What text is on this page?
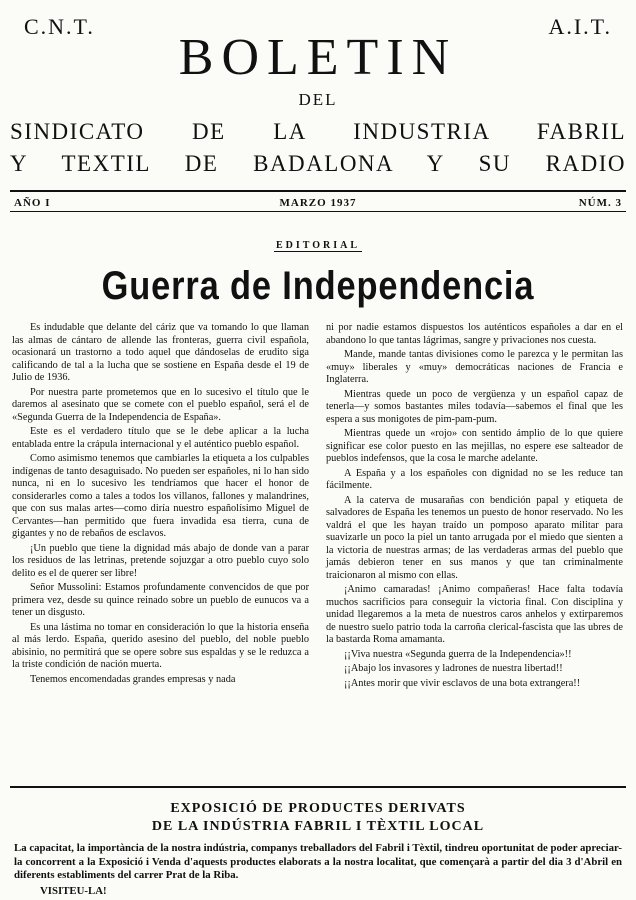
C.N.T.	A.I.T.
BOLETIN
DEL
SINDICATO DE LA INDUSTRIA FABRIL
Y TEXTIL DE BADALONA Y SU RADIO
AÑO I	MARZO 1937	NÚM. 3
EDITORIAL
Guerra de Independencia

Es indudable que delante del cáriz que va tomando lo que llaman las almas de cántaro de allende las fronteras, guerra civil española, ocasionará un trastorno a todo aquel que dándoselas de erudito siga calificando de tal a la lucha que se sostiene en España desde el 19 de Julio de 1936.

Por nuestra parte prometemos que en lo sucesivo el título que le daremos al asesinato que se comete con el pueblo español, será el de «Segunda Guerra de la Independencia de España».

Este es el verdadero título que se le debe aplicar a la lucha entablada entre la crápula internacional y el auténtico pueblo español.

Como asimismo tenemos que cambiarles la etiqueta a los culpables indígenas de tanto desaguisado. No pueden ser españoles, ni lo han sido nunca, ni en lo sucesivo les tendríamos que hacer el honor de considerarles como a tales a todos los villanos, fallones y malandrines, que con sus malas artes—como diría nuestro españolísimo Miguel de Cervantes—han permitido que fuera invadida esa tierra, cuna de gigantes y no de rebaños de esclavos.

¡Un pueblo que tiene la dignidad más abajo de donde van a parar los residuos de las letrinas, pretende sojuzgar a otro pueblo cuyo solo delito es el de querer ser libre!

Señor Mussolini: Estamos profundamente convencidos de que por primera vez, desde su quince reinado sobre un pueblo de eunucos va a tener un disgusto.

Es una lástima no tomar en consideración lo que la historia enseña al más lerdo. España, querido asesino del pueblo, del noble pueblo abisinio, no permitirá que se opere sobre sus espaldas y se le reduzca a la triste condición de nación muerta.

Tenemos encomendadas grandes empresas y nada

ni por nadie estamos dispuestos los auténticos españoles a dar en el abandono lo que tantas lágrimas, sangre y privaciones nos cuesta.

Mande, mande tantas divisiones como le parezca y le permitan las «muy» liberales y «muy» democráticas naciones de Francia e Inglaterra.

Mientras quede un poco de vergüenza y un español capaz de tenerla—y somos bastantes miles todavía—sabemos el final que les espera a sus monigotes de pim-pam-pum.

Mientras quede un «rojo» con sentido ámplio de lo que quiere significar ese color puesto en las mejillas, no espere ese salteador de pueblos indefensos, que la cosa le marche adelante.

A España y a los españoles con dignidad no se les reduce tan fácilmente.

A la caterva de musarañas con bendición papal y etiqueta de salvadores de España les tenemos un puesto de honor reservado. No les valdrá el que les hayan traído un pomposo aparato militar para suavizarle un poco la piel un tanto arrugada por el miedo que sienten a la victoria de nuestras armas; de las verdaderas armas del pueblo que jamás debieron tener en sus manos y que tan criminalmente traicionaron al mismo con ellas.

¡Animo camaradas! ¡Animo compañeras! Hace falta todavía muchos sacrificios para conseguir la victoria final. Con disciplina y unidad llegaremos a la meta de nuestros caros anhelos y extirparemos de nuestro suelo patrio toda la carroña clerical-fascista que las ubres de la bastarda Roma amamanta.

¡¡Viva nuestra «Segunda guerra de la Independencia»!!

¡¡Abajo los invasores y ladrones de nuestra libertad!!

¡¡Antes morir que vivir esclavos de una bota extrangera!!

EXPOSICIÓ DE PRODUCTES DERIVATS
DE LA INDÚSTRIA FABRIL I TÈXTIL LOCAL
La capacitat, la importància de la nostra indústria, companys treballadors del Fabril i Tèxtil, tindreu oportunitat de poder apreciar-la concorrent a la Exposició i Venda d'aquests productes elaborats a la nostra localitat, que començarà a partir del dia 3 d'Abril en diferents establiments del carrer Prat de la Riba.
VISITEU-LA!
